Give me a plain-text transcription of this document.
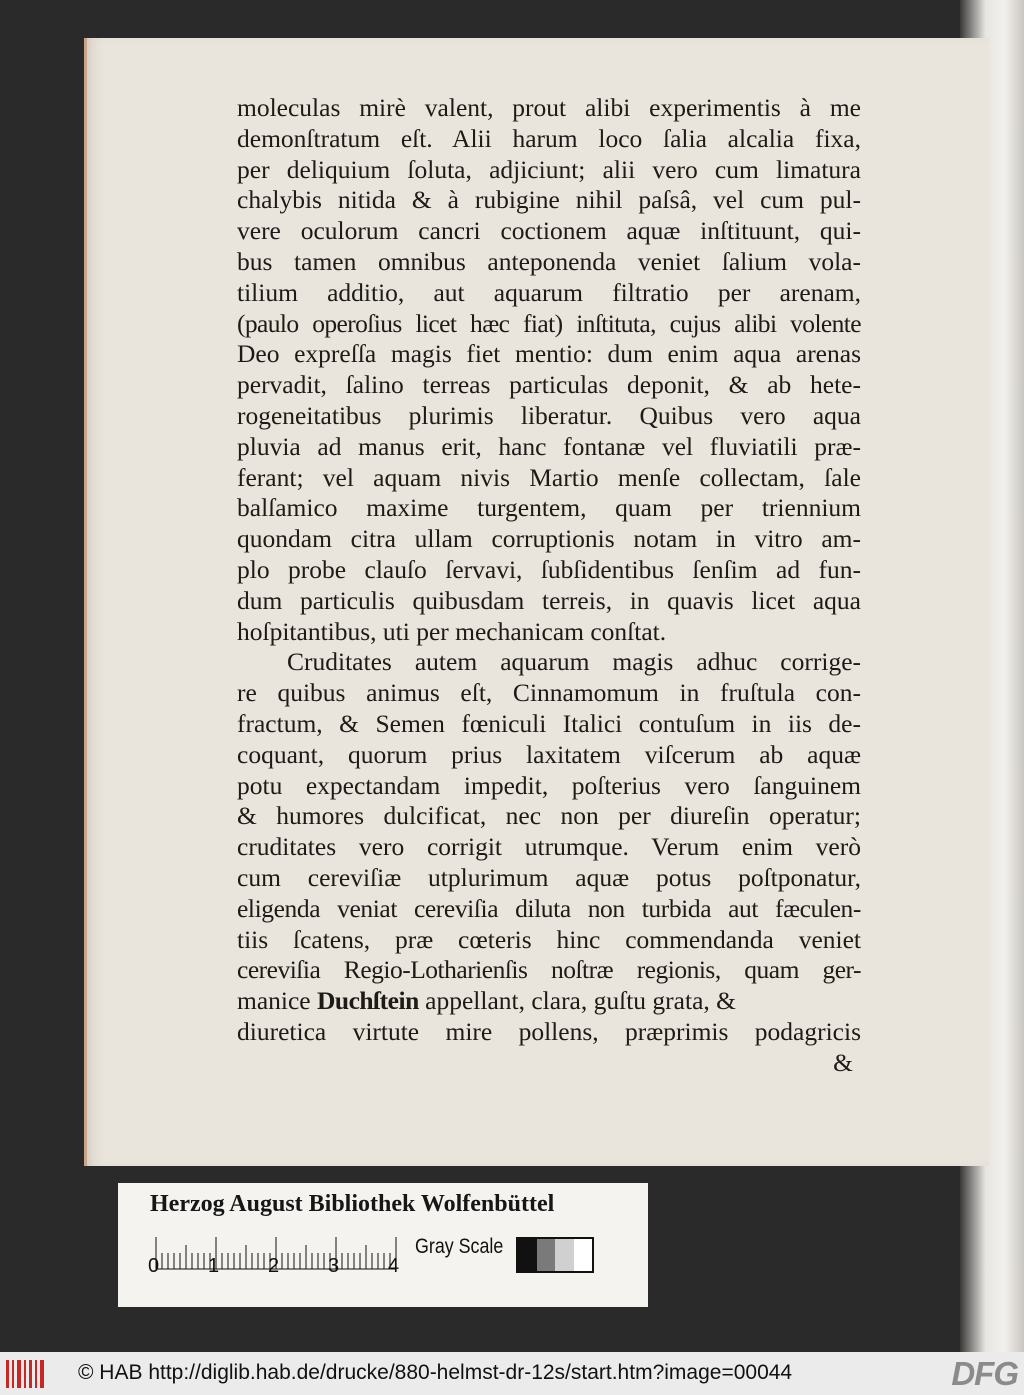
moleculas mirè valent, prout alibi experimentis à me
demonſtratum eſt. Alii harum loco ſalia alcalia fixa,
per deliquium ſoluta, adjiciunt; alii vero cum limatura
chalybis nitida & à rubigine nihil paſsâ, vel cum pul-
vere oculorum cancri coctionem aquæ inſtituunt, qui-
bus tamen omnibus anteponenda veniet ſalium vola-
tilium additio, aut aquarum filtratio per arenam,
(paulo operoſius licet hæc fiat) inſtituta, cujus alibi volente
Deo expreſſa magis fiet mentio: dum enim aqua arenas
pervadit, ſalino terreas particulas deponit, & ab hete-
rogeneitatibus plurimis liberatur. Quibus vero aqua
pluvia ad manus erit, hanc fontanæ vel fluviatili præ-
ferant; vel aquam nivis Martio menſe collectam, ſale
balſamico maxime turgentem, quam per triennium
quondam citra ullam corruptionis notam in vitro am-
plo probe clauſo ſervavi, ſubſidentibus ſenſim ad fun-
dum particulis quibusdam terreis, in quavis licet aqua
hoſpitantibus, uti per mechanicam conſtat.
Cruditates autem aquarum magis adhuc corrige-
re quibus animus eſt, Cinnamomum in fruſtula con-
fractum, & Semen fœniculi Italici contuſum in iis de-
coquant, quorum prius laxitatem viſcerum ab aquæ
potu expectandam impedit, poſterius vero ſanguinem
& humores dulcificat, nec non per diureſin operatur;
cruditates vero corrigit utrumque. Verum enim verò
cum cereviſiæ utplurimum aquæ potus poſtponatur,
eligenda veniat cereviſia diluta non turbida aut fæculen-
tiis ſcatens, præ cœteris hinc commendanda veniet
cereviſia Regio-Lotharienſis noſtræ regionis, quam ger-
manice Duchſtein appellant, clara, guſtu grata, &
diuretica virtute mire pollens, præprimis podagricis
&
Herzog August Bibliothek Wolfenbüttel
0 1 2 3 4
Gray Scale
© HAB http://diglib.hab.de/drucke/880-helmst-dr-12s/start.htm?image=00044	DFG
